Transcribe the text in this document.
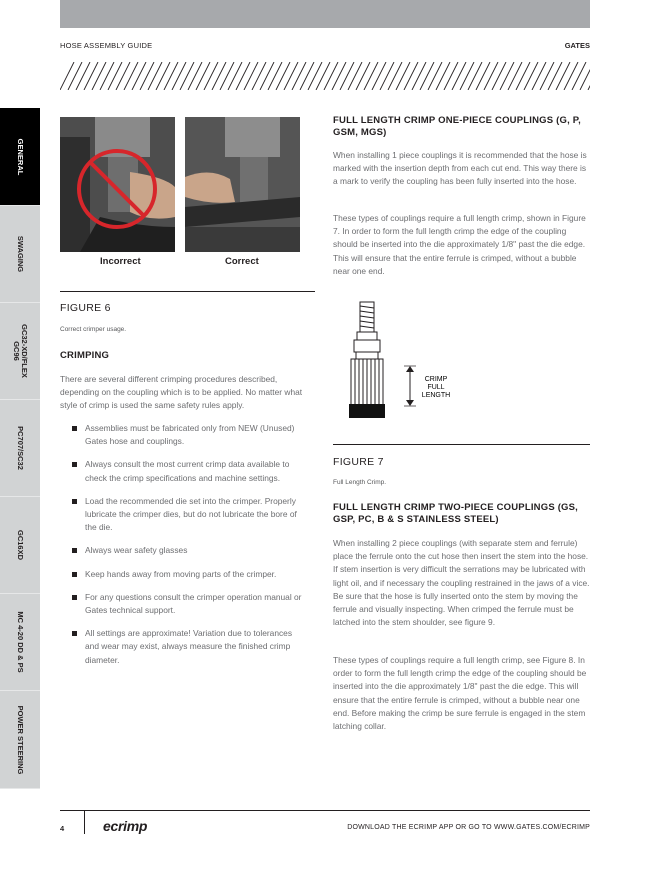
HOSE ASSEMBLY GUIDE	GATES
GENERAL
SWAGING
GC32-XD/FLEX GC96
PC707/SC32
GC16XD
MC 4-20 DD & PS
POWER STEERING
Incorrect	Correct
FIGURE 6
Correct crimper usage.
CRIMPING
There are several different crimping procedures described, depending on the coupling which is to be applied. No matter what style of crimp is used the same safety rules apply.
Assemblies must be fabricated only from NEW (Unused) Gates hose and couplings.
Always consult the most current crimp data available to check the crimp specifications and machine settings.
Load the recommended die set into the crimper. Properly lubricate the crimper dies, but do not lubricate the bore of the die.
Always wear safety glasses
Keep hands away from moving parts of the crimper.
For any questions consult the crimper operation manual or Gates technical support.
All settings are approximate! Variation due to tolerances and wear may exist, always measure the finished crimp diameter.
FULL LENGTH CRIMP ONE-PIECE COUPLINGS (G, P, GSM, MGS)
When installing 1 piece couplings it is recommended that the hose is marked with the insertion depth from each cut end. This way there is a mark to verify the coupling has been fully inserted into the hose.
These types of couplings require a full length crimp, shown in Figure 7. In order to form the full length crimp the edge of the coupling should be inserted into the die approximately 1/8" past the die edge. This will ensure that the entire ferrule is crimped, without a bubble near one end.
CRIMP
FULL
LENGTH
FIGURE 7
Full Length Crimp.
FULL LENGTH CRIMP TWO-PIECE COUPLINGS (GS, GSP, PC, B & S STAINLESS STEEL)
When installing 2 piece couplings (with separate stem and ferrule) place the ferrule onto the cut hose then insert the stem into the hose. If stem insertion is very difficult the serrations may be lubricated with light oil, and if necessary the coupling restrained in the jaws of a vice. Be sure that the hose is fully inserted onto the stem by moving the ferrule and visually inspecting. When crimped the ferrule must be latched into the stem shoulder, see figure 9.
These types of couplings require a full length crimp, see Figure 8. In order to form the full length crimp the edge of the coupling should be inserted into the die approximately 1/8" past the die edge. This will ensure that the entire ferrule is crimped, without a bubble near one end. Before making the crimp be sure ferrule is engaged in the stem latching collar.
4	ecrimp	DOWNLOAD THE ECRIMP APP OR GO TO WWW.GATES.COM/ECRIMP
